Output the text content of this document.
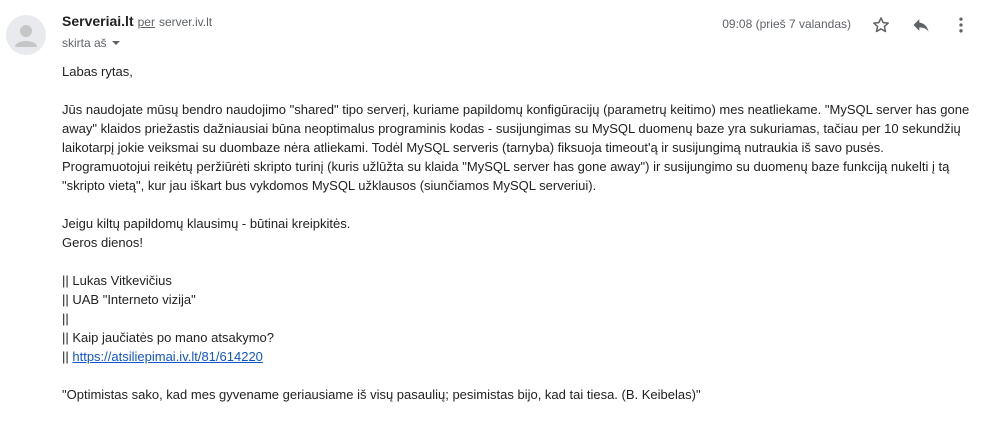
Serveriai.lt per server.iv.lt
skirta aš
09:08 (prieš 7 valandas)

Labas rytas,

Jūs naudojate mūsų bendro naudojimo "shared" tipo serverį, kuriame papildomų konfigūracijų (parametrų keitimo) mes neatliekame. "MySQL server has gone

away" klaidos priežastis dažniausiai būna neoptimalus programinis kodas - susijungimas su MySQL duomenų baze yra sukuriamas, tačiau per 10 sekundžių

laikotarpį jokie veiksmai su duombaze nėra atliekami. Todėl MySQL serveris (tarnyba) fiksuoja timeout'ą ir susijungimą nutraukia iš savo pusės.

Programuotojui reikėtų peržiūrėti skripto turinį (kuris užlūžta su klaida "MySQL server has gone away") ir susijungimo su duomenų baze funkciją nukelti į tą

"skripto vietą", kur jau iškart bus vykdomos MySQL užklausos (siunčiamos MySQL serveriui).

Jeigu kiltų papildomų klausimų - būtinai kreipkitės.

Geros dienos!

|| Lukas Vitkevičius

|| UAB "Interneto vizija"

||

|| Kaip jaučiatės po mano atsakymo?

|| https://atsiliepimai.iv.lt/81/614220

"Optimistas sako, kad mes gyvename geriausiame iš visų pasaulių; pesimistas bijo, kad tai tiesa. (B. Keibelas)"
